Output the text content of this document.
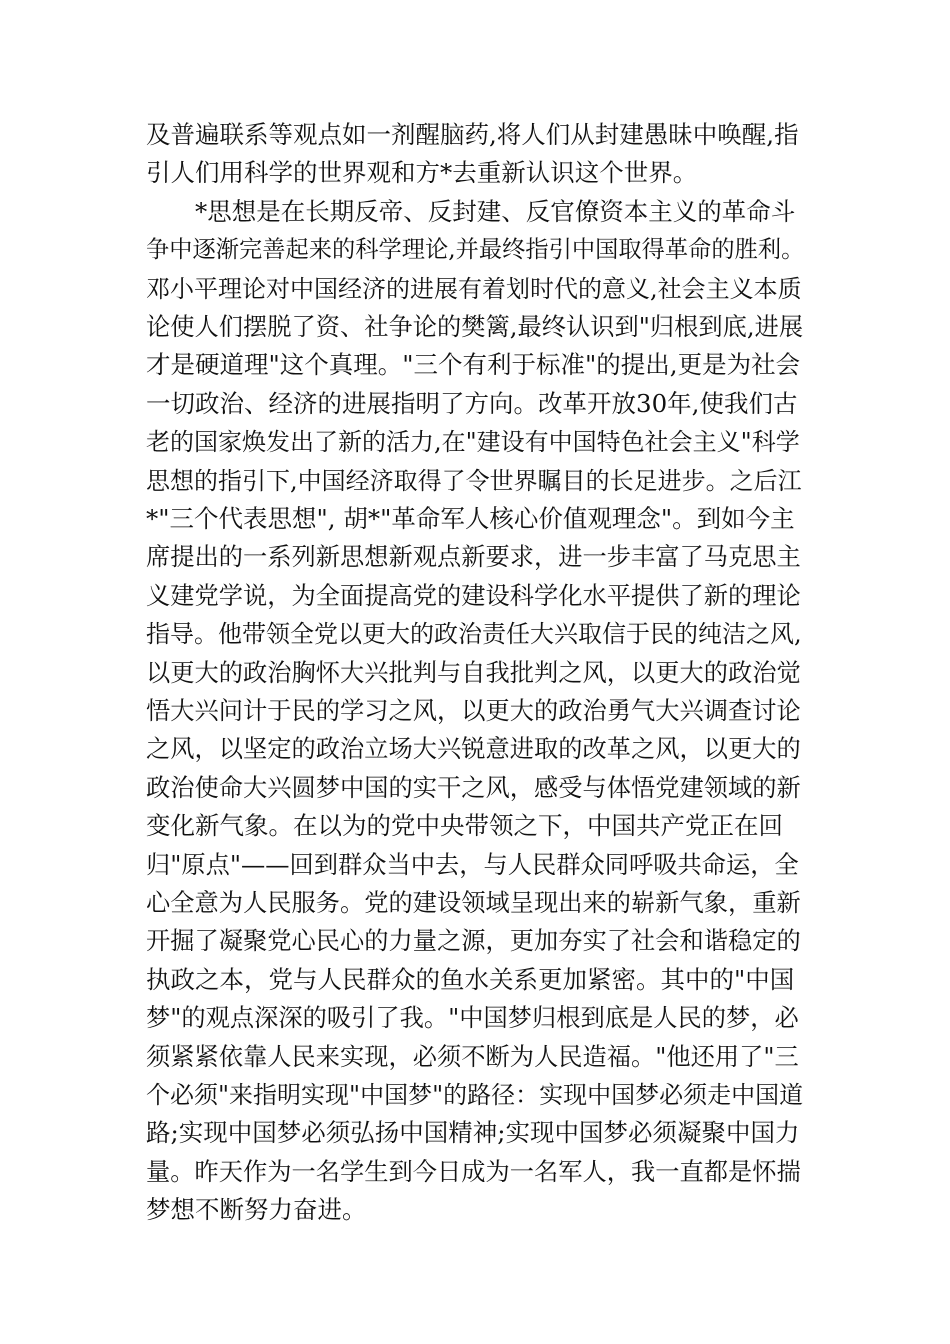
及普遍联系等观点如一剂醒脑药,将人们从封建愚昧中唤醒,指
引人们用科学的世界观和方*去重新认识这个世界。
　　*思想是在长期反帝、反封建、反官僚资本主义的革命斗
争中逐渐完善起来的科学理论,并最终指引中国取得革命的胜利。
邓小平理论对中国经济的进展有着划时代的意义,社会主义本质
论使人们摆脱了资、社争论的樊篱,最终认识到"归根到底,进展
才是硬道理"这个真理。"三个有利于标准"的提出,更是为社会
一切政治、经济的进展指明了方向。改革开放30年,使我们古
老的国家焕发出了新的活力,在"建设有中国特色社会主义"科学
思想的指引下,中国经济取得了令世界瞩目的长足进步。之后江
*"三个代表思想", 胡*"革命军人核心价值观理念"。到如今主
席提出的一系列新思想新观点新要求，进一步丰富了马克思主
义建党学说，为全面提高党的建设科学化水平提供了新的理论
指导。他带领全党以更大的政治责任大兴取信于民的纯洁之风,
以更大的政治胸怀大兴批判与自我批判之风，以更大的政治觉
悟大兴问计于民的学习之风，以更大的政治勇气大兴调查讨论
之风，以坚定的政治立场大兴锐意进取的改革之风，以更大的
政治使命大兴圆梦中国的实干之风，感受与体悟党建领域的新
变化新气象。在以为的党中央带领之下，中国共产党正在回
归"原点"——回到群众当中去，与人民群众同呼吸共命运，全
心全意为人民服务。党的建设领域呈现出来的崭新气象，重新
开掘了凝聚党心民心的力量之源，更加夯实了社会和谐稳定的
执政之本，党与人民群众的鱼水关系更加紧密。其中的"中国
梦"的观点深深的吸引了我。"中国梦归根到底是人民的梦，必
须紧紧依靠人民来实现，必须不断为人民造福。"他还用了"三
个必须"来指明实现"中国梦"的路径：实现中国梦必须走中国道
路;实现中国梦必须弘扬中国精神;实现中国梦必须凝聚中国力
量。昨天作为一名学生到今日成为一名军人，我一直都是怀揣
梦想不断努力奋进。
